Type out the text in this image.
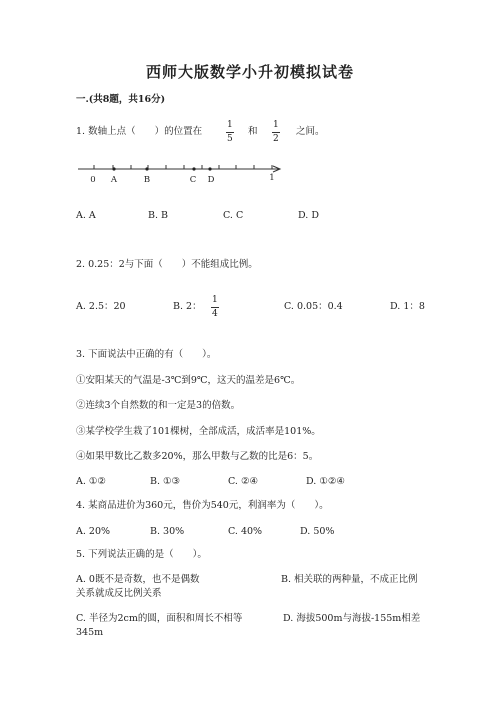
西师大版数学小升初模拟试卷
一.(共8题，共16分)
1. 数轴上点（　　）的位置在
1
5
和
1
2
之间。
0 A	B	C D	1
A. A	B. B	C. C	D. D
2. 0.25：2与下面（　　）不能组成比例。
A. 2.5：20	B. 2：
1
4
C. 0.05：0.4	D. 1：8
3. 下面说法中正确的有（　　）。
①安阳某天的气温是-3℃到9℃，这天的温差是6℃。
②连续3个自然数的和一定是3的倍数。
③某学校学生栽了101棵树，全部成活，成活率是101%。
④如果甲数比乙数多20%，那么甲数与乙数的比是6：5。
A. ①②	B. ①③	C. ②④	D. ①②④
4. 某商品进价为360元，售价为540元，利润率为（　　）。
A. 20%	B. 30%	C. 40%	D. 50%
5. 下列说法正确的是（　　）。
A. 0既不是奇数，也不是偶数	B. 相关联的两种量，不成正比例
关系就成反比例关系
C. 半径为2cm的圆，面积和周长不相等	D. 海拔500m与海拔-155m相差
345m
